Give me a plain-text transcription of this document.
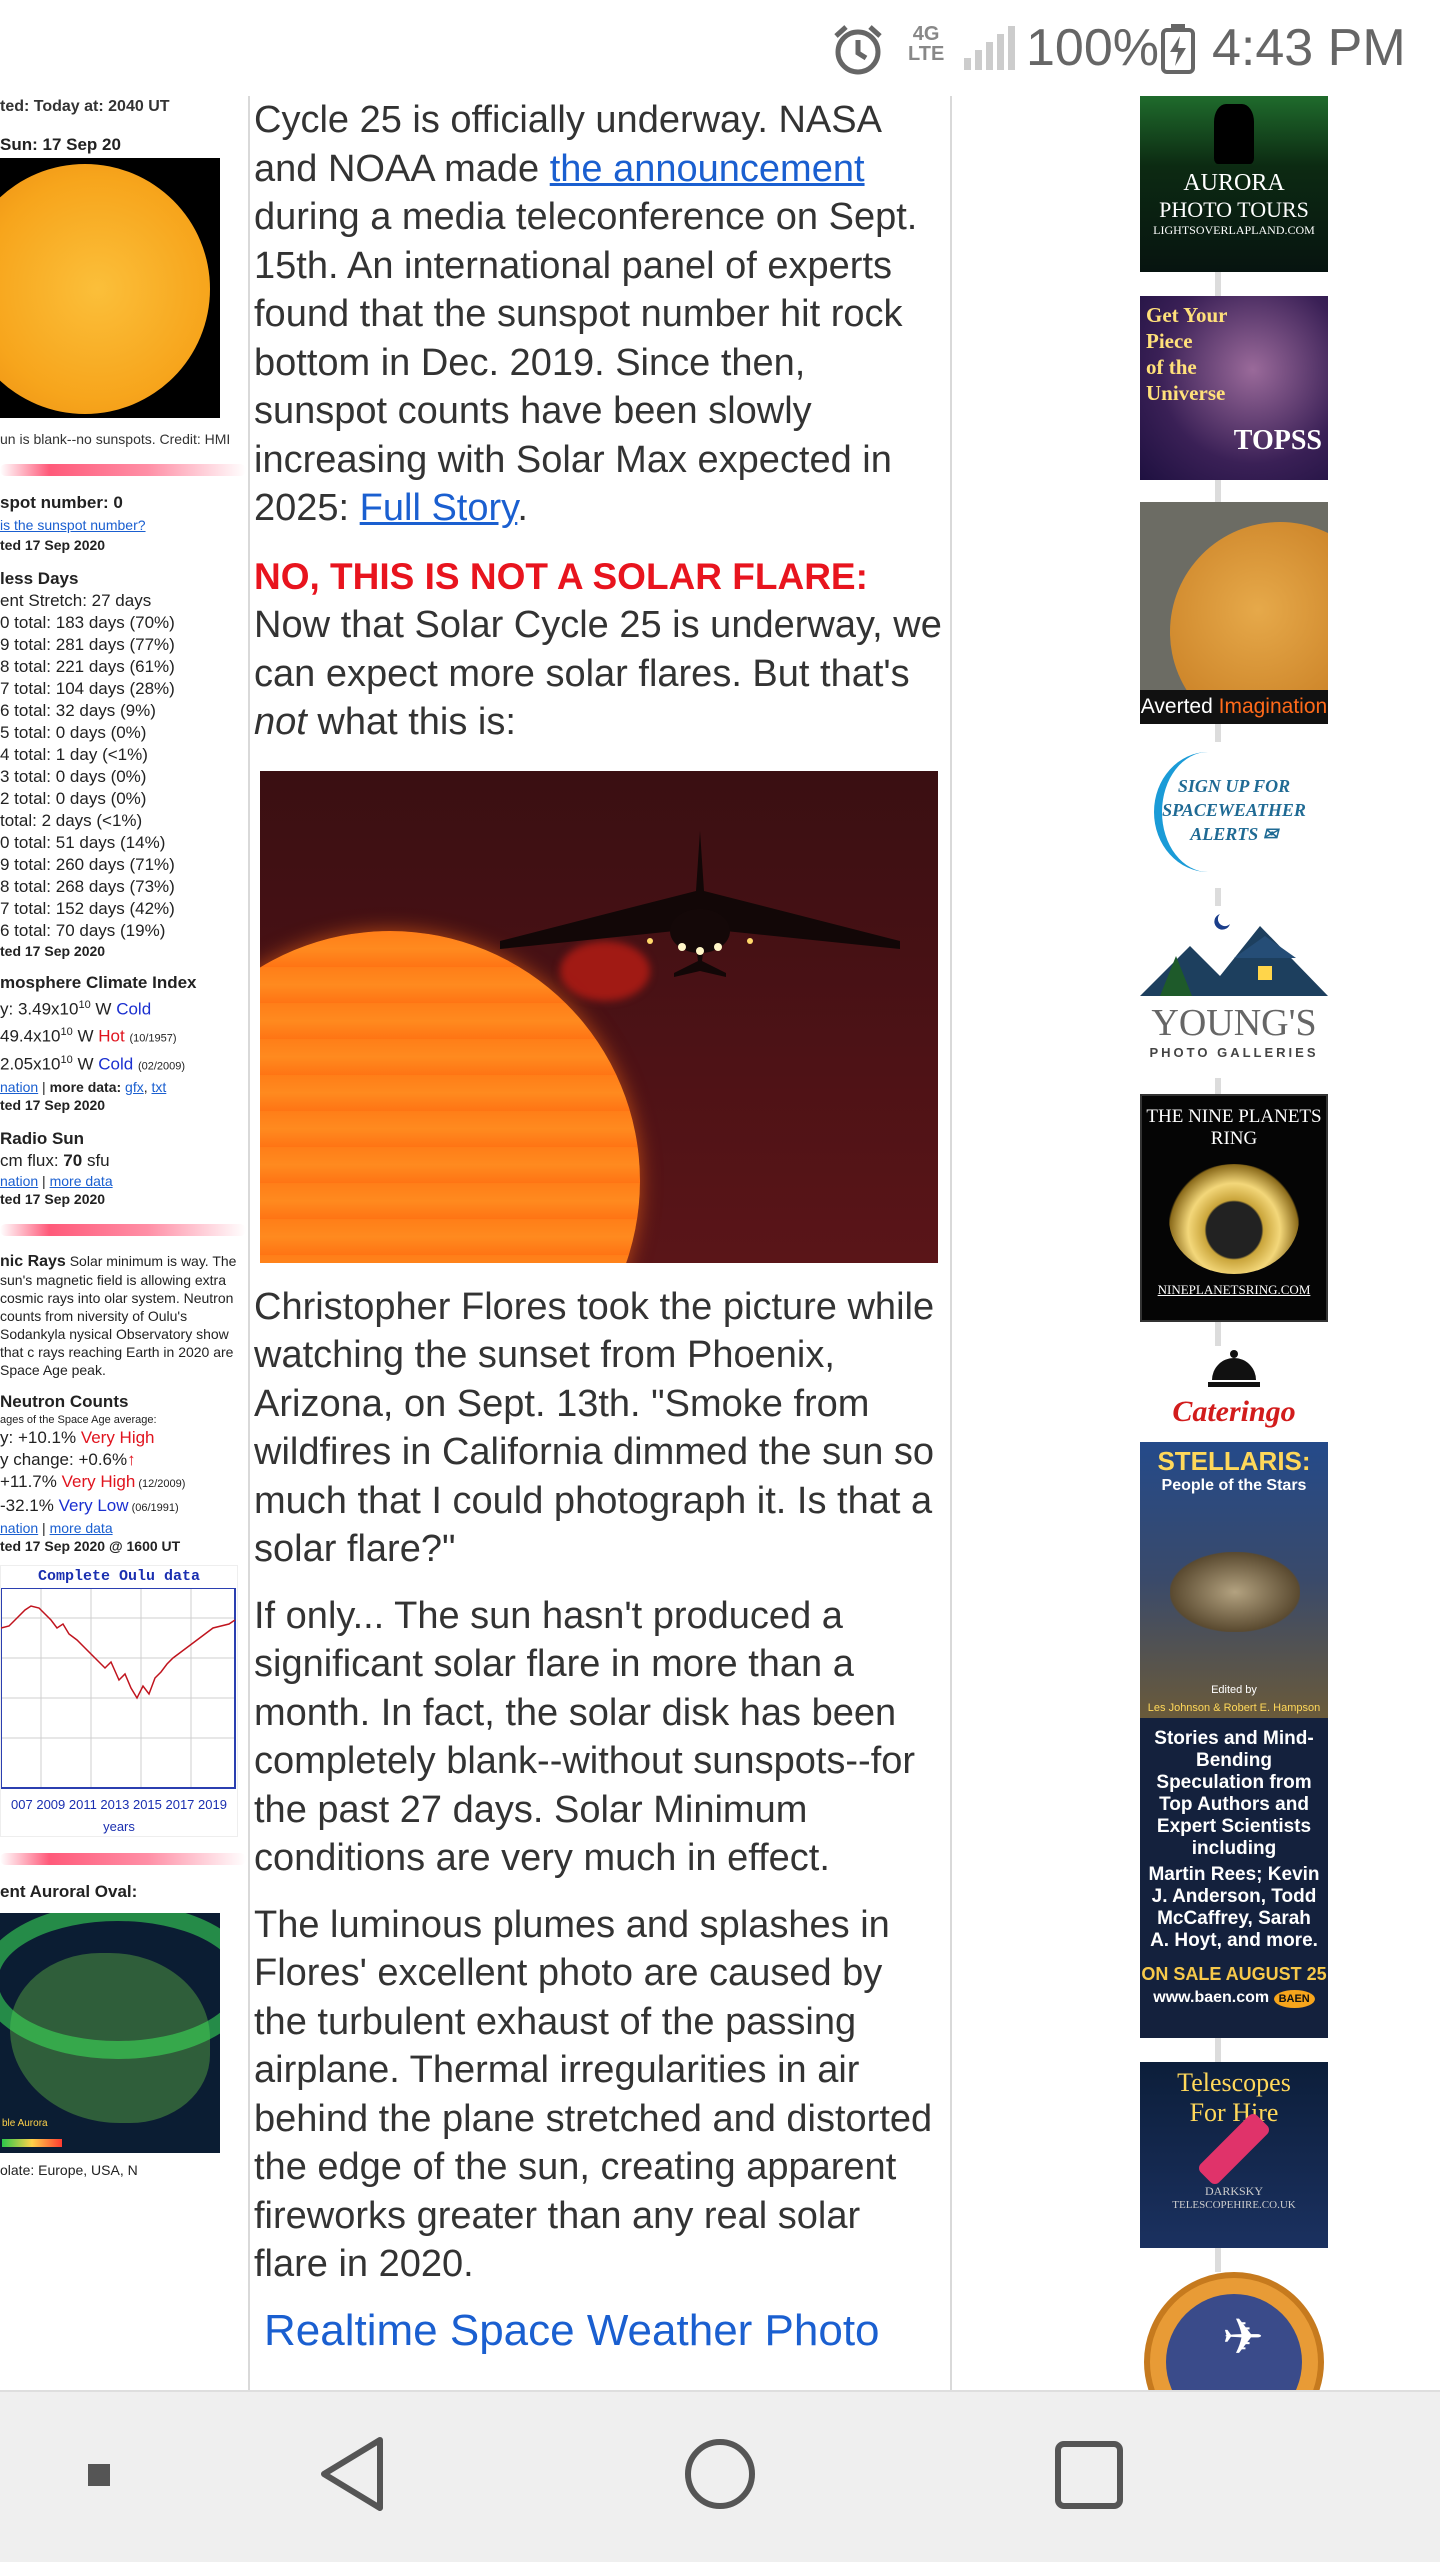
4G
LTE 100% 4:43 PM
ted: Today at: 2040 UT
Sun: 17 Sep 20
un is blank--no sunspots. Credit: HMI
spot number: 0
is the sunspot number?
ted 17 Sep 2020
less Days
ent Stretch: 27 days
0 total: 183 days (70%)
9 total: 281 days (77%)
8 total: 221 days (61%)
7 total: 104 days (28%)
6 total: 32 days (9%)
5 total: 0 days (0%)
4 total: 1 day (<1%)
3 total: 0 days (0%)
2 total: 0 days (0%)
total: 2 days (<1%)
0 total: 51 days (14%)
9 total: 260 days (71%)
8 total: 268 days (73%)
7 total: 152 days (42%)
6 total: 70 days (19%)
ted 17 Sep 2020
mosphere Climate Index
y: $3.49x10^{10}$ W Cold
$49.4x10^{10}$ W Hot (10/1957)
$2.05x10^{10}$ W Cold (02/2009)
nation | more data: gfx, txt
ted 17 Sep 2020
Radio Sun
cm flux: 70 sfu
nation | more data
ted 17 Sep 2020
nic Rays Solar minimum is way. The sun's magnetic field is allowing extra cosmic rays into olar system. Neutron counts from niversity of Oulu's Sodankyla nysical Observatory show that c rays reaching Earth in 2020 are Space Age peak.
Neutron Counts
ages of the Space Age average:
y: +10.1% Very High
y change: +0.6%↑
+11.7% Very High (12/2009)
-32.1% Very Low (06/1991)
nation | more data
ted 17 Sep 2020 @ 1600 UT
Complete Oulu data
007 2009 2011 2013 2015 2017 2019
years
ent Auroral Oval:
ble Aurora
olate: Europe, USA, N

Cycle 25 is officially underway. NASA and NOAA made the announcement during a media teleconference on Sept. 15th. An international panel of experts found that the sunspot number hit rock bottom in Dec. 2019. Since then, sunspot counts have been slowly increasing with Solar Max expected in 2025: Full Story.

NO, THIS IS NOT A SOLAR FLARE: Now that Solar Cycle 25 is underway, we can expect more solar flares. But that's not what this is:

Christopher Flores took the picture while watching the sunset from Phoenix, Arizona, on Sept. 13th. "Smoke from wildfires in California dimmed the sun so much that I could photograph it. Is that a solar flare?"

If only... The sun hasn't produced a significant solar flare in more than a month. In fact, the solar disk has been completely blank--without sunspots--for the past 27 days. Solar Minimum conditions are very much in effect.

The luminous plumes and splashes in Flores' excellent photo are caused by the turbulent exhaust of the passing airplane. Thermal irregularities in air behind the plane stretched and distorted the edge of the sun, creating apparent fireworks greater than any real solar flare in 2020.

Realtime Space Weather Photo
AURORA
PHOTO TOURS
LIGHTSOVERLAPLAND.COM
Get Your
Piece
of the
Universe
TOPSS
Averted Imagination
SIGN UP FOR
SPACEWEATHER
ALERTS ✉
YOUNG'S
PHOTO GALLERIES
THE NINE PLANETS
RING
NINEPLANETSRING.COM
Cateringo
STELLARIS:
People of the Stars
Edited by
Les Johnson & Robert E. Hampson
Stories and Mind-Bending Speculation from Top Authors and Expert Scientists including
Martin Rees; Kevin J. Anderson, Todd McCaffrey, Sarah A. Hoyt, and more.
ON SALE AUGUST 25
www.baen.com BAEN
Telescopes
For Hire
DARKSKY
TELESCOPEHIRE.CO.UK
✈
